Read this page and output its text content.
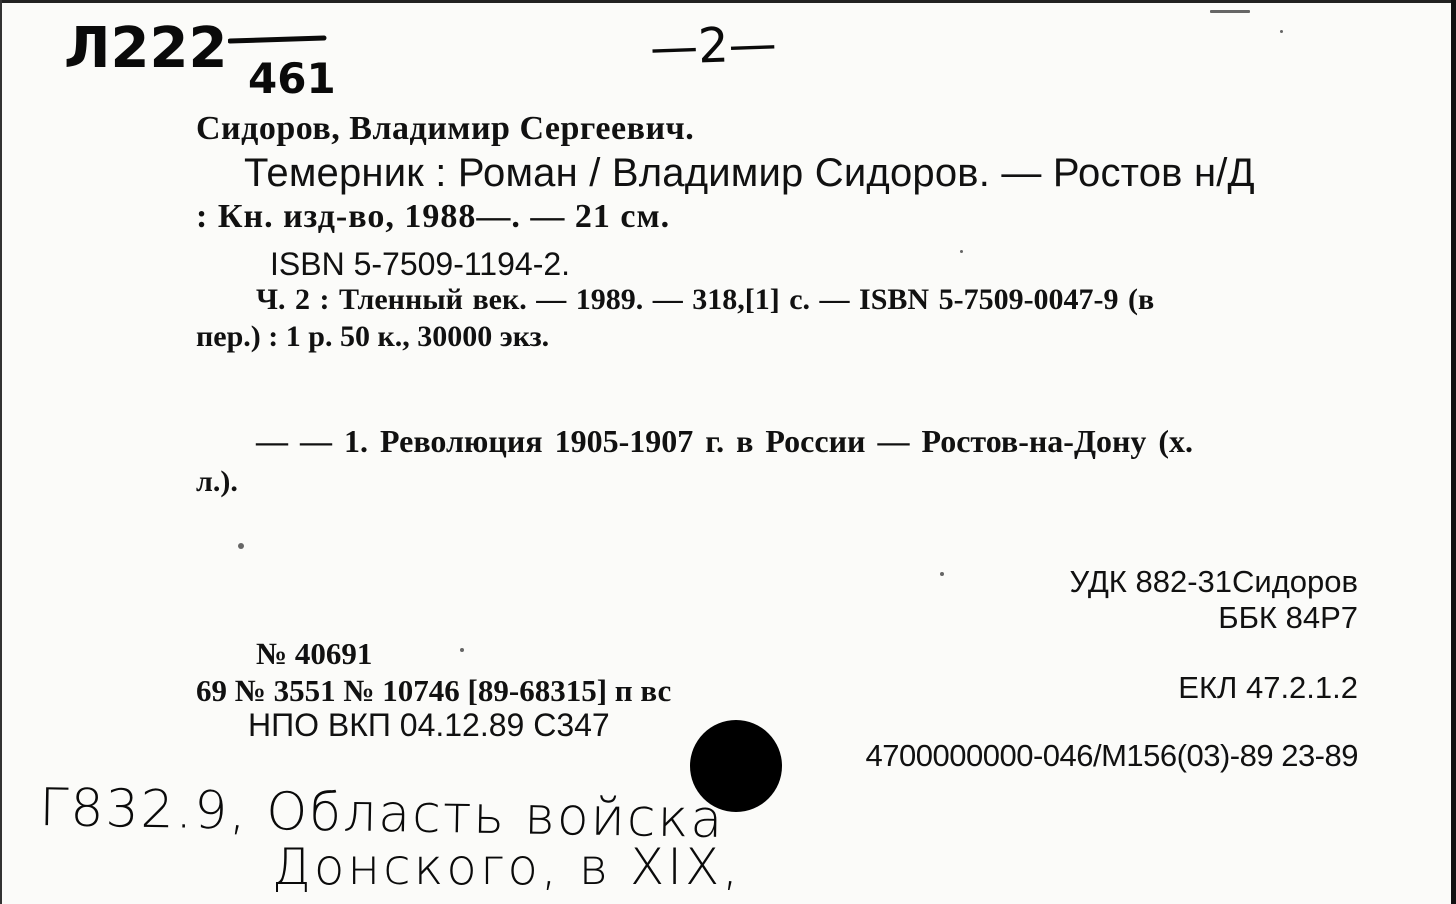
Л222 461
—2—
Сидоров, Владимир Сергеевич.
Темерник : Роман / Владимир Сидоров. — Ростов н/Д
: Кн. изд-во, 1988—. — 21 см.
ISBN 5-7509-1194-2.
Ч. 2 : Тленный век. — 1989. — 318,[1] с. — ISBN 5-7509-0047-9 (в
пер.) : 1 р. 50 к., 30000 экз.
— — 1. Революция 1905-1907 г. в России — Ростов-на-Дону (х.
л.).
УДК 882-31Сидоров
ББК 84Р7
ЕКЛ 47.2.1.2
4700000000-046/М156(03)-89 23-89
№ 40691
69 № 3551 № 10746 [89-68315] п вс
НПО ВКП 04.12.89 С347
Г832.9, Область войска
Донского, в XIX,
